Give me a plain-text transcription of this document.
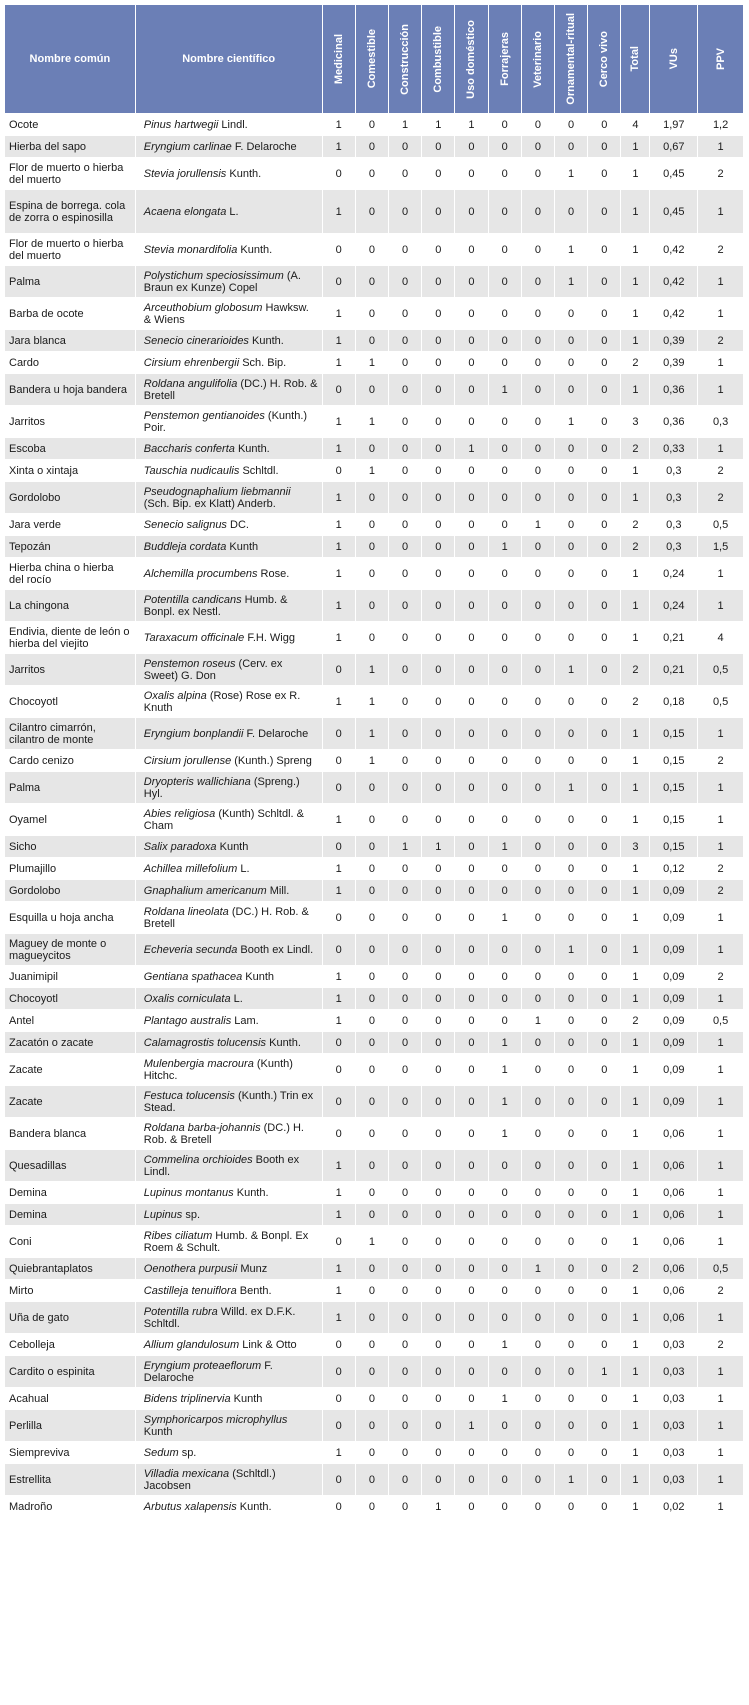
Nombre común	Nombre científico	Medicinal	Comestible	Construcción	Combustible	Uso doméstico	Forrajeras	Veterinario	Ornamental-ritual	Cerco vivo	Total	VUs	PPV

Ocote	Pinus hartwegii Lindl.	1	0	1	1	1	0	0	0	0	4	1,97	1,2
Hierba del sapo	Eryngium carlinae F. Delaroche	1	0	0	0	0	0	0	0	0	1	0,67	1
Flor de muerto o hierba del muerto	Stevia jorullensis Kunth.	0	0	0	0	0	0	0	1	0	1	0,45	2
Espina de borrega. cola de zorra o espinosilla	Acaena elongata L.	1	0	0	0	0	0	0	0	0	1	0,45	1
Flor de muerto o hierba del muerto	Stevia monardifolia Kunth.	0	0	0	0	0	0	0	1	0	1	0,42	2
Palma	Polystichum speciosissimum (A. Braun ex Kunze) Copel	0	0	0	0	0	0	0	1	0	1	0,42	1
Barba de ocote	Arceuthobium globosum Hawksw. & Wiens	1	0	0	0	0	0	0	0	0	1	0,42	1
Jara blanca	Senecio cinerarioides Kunth.	1	0	0	0	0	0	0	0	0	1	0,39	2
Cardo	Cirsium ehrenbergii Sch. Bip.	1	1	0	0	0	0	0	0	0	2	0,39	1
Bandera u hoja bandera	Roldana angulifolia (DC.) H. Rob. & Bretell	0	0	0	0	0	1	0	0	0	1	0,36	1
Jarritos	Penstemon gentianoides (Kunth.) Poir.	1	1	0	0	0	0	0	1	0	3	0,36	0,3
Escoba	Baccharis conferta Kunth.	1	0	0	0	1	0	0	0	0	2	0,33	1
Xinta o xintaja	Tauschia nudicaulis Schltdl.	0	1	0	0	0	0	0	0	0	1	0,3	2
Gordolobo	Pseudognaphalium liebmannii (Sch. Bip. ex Klatt) Anderb.	1	0	0	0	0	0	0	0	0	1	0,3	2
Jara verde	Senecio salignus DC.	1	0	0	0	0	0	1	0	0	2	0,3	0,5
Tepozán	Buddleja cordata Kunth	1	0	0	0	0	1	0	0	0	2	0,3	1,5
Hierba china o hierba del rocío	Alchemilla procumbens Rose.	1	0	0	0	0	0	0	0	0	1	0,24	1
La chingona	Potentilla candicans Humb. & Bonpl. ex Nestl.	1	0	0	0	0	0	0	0	0	1	0,24	1
Endivia, diente de león o hierba del viejito	Taraxacum officinale F.H. Wigg	1	0	0	0	0	0	0	0	0	1	0,21	4
Jarritos	Penstemon roseus (Cerv. ex Sweet) G. Don	0	1	0	0	0	0	0	1	0	2	0,21	0,5
Chocoyotl	Oxalis alpina (Rose) Rose ex R. Knuth	1	1	0	0	0	0	0	0	0	2	0,18	0,5
Cilantro cimarrón, cilantro de monte	Eryngium bonplandii F. Delaroche	0	1	0	0	0	0	0	0	0	1	0,15	1
Cardo cenizo	Cirsium jorullense (Kunth.) Spreng	0	1	0	0	0	0	0	0	0	1	0,15	2
Palma	Dryopteris wallichiana (Spreng.) Hyl.	0	0	0	0	0	0	0	1	0	1	0,15	1
Oyamel	Abies religiosa (Kunth) Schltdl. & Cham	1	0	0	0	0	0	0	0	0	1	0,15	1
Sicho	Salix paradoxa Kunth	0	0	1	1	0	1	0	0	0	3	0,15	1
Plumajillo	Achillea millefolium L.	1	0	0	0	0	0	0	0	0	1	0,12	2
Gordolobo	Gnaphalium americanum Mill.	1	0	0	0	0	0	0	0	0	1	0,09	2
Esquilla u hoja ancha	Roldana lineolata (DC.) H. Rob. & Bretell	0	0	0	0	0	1	0	0	0	1	0,09	1
Maguey de monte o magueycitos	Echeveria secunda Booth ex Lindl.	0	0	0	0	0	0	0	1	0	1	0,09	1
Juanimipil	Gentiana spathacea Kunth	1	0	0	0	0	0	0	0	0	1	0,09	2
Chocoyotl	Oxalis corniculata L.	1	0	0	0	0	0	0	0	0	1	0,09	1
Antel	Plantago australis Lam.	1	0	0	0	0	0	1	0	0	2	0,09	0,5
Zacatón o zacate	Calamagrostis tolucensis Kunth.	0	0	0	0	0	1	0	0	0	1	0,09	1
Zacate	Mulenbergia macroura (Kunth) Hitchc.	0	0	0	0	0	1	0	0	0	1	0,09	1
Zacate	Festuca tolucensis (Kunth.) Trin ex Stead.	0	0	0	0	0	1	0	0	0	1	0,09	1
Bandera blanca	Roldana barba-johannis (DC.) H. Rob. & Bretell	0	0	0	0	0	1	0	0	0	1	0,06	1
Quesadillas	Commelina orchioides Booth ex Lindl.	1	0	0	0	0	0	0	0	0	1	0,06	1
Demina	Lupinus montanus Kunth.	1	0	0	0	0	0	0	0	0	1	0,06	1
Demina	Lupinus sp.	1	0	0	0	0	0	0	0	0	1	0,06	1
Coni	Ribes ciliatum Humb. & Bonpl. Ex Roem & Schult.	0	1	0	0	0	0	0	0	0	1	0,06	1
Quiebrantaplatos	Oenothera purpusii Munz	1	0	0	0	0	0	1	0	0	2	0,06	0,5
Mirto	Castilleja tenuiflora Benth.	1	0	0	0	0	0	0	0	0	1	0,06	2
Uña de gato	Potentilla rubra Willd. ex D.F.K. Schltdl.	1	0	0	0	0	0	0	0	0	1	0,06	1
Cebolleja	Allium glandulosum Link & Otto	0	0	0	0	0	1	0	0	0	1	0,03	2
Cardito o espinita	Eryngium proteaeflorum F. Delaroche	0	0	0	0	0	0	0	0	1	1	0,03	1
Acahual	Bidens triplinervia Kunth	0	0	0	0	0	1	0	0	0	1	0,03	1
Perlilla	Symphoricarpos microphyllus Kunth	0	0	0	0	1	0	0	0	0	1	0,03	1
Siempreviva	Sedum sp.	1	0	0	0	0	0	0	0	0	1	0,03	1
Estrellita	Villadia mexicana (Schltdl.) Jacobsen	0	0	0	0	0	0	0	1	0	1	0,03	1
Madroño	Arbutus xalapensis Kunth.	0	0	0	1	0	0	0	0	0	1	0,02	1
